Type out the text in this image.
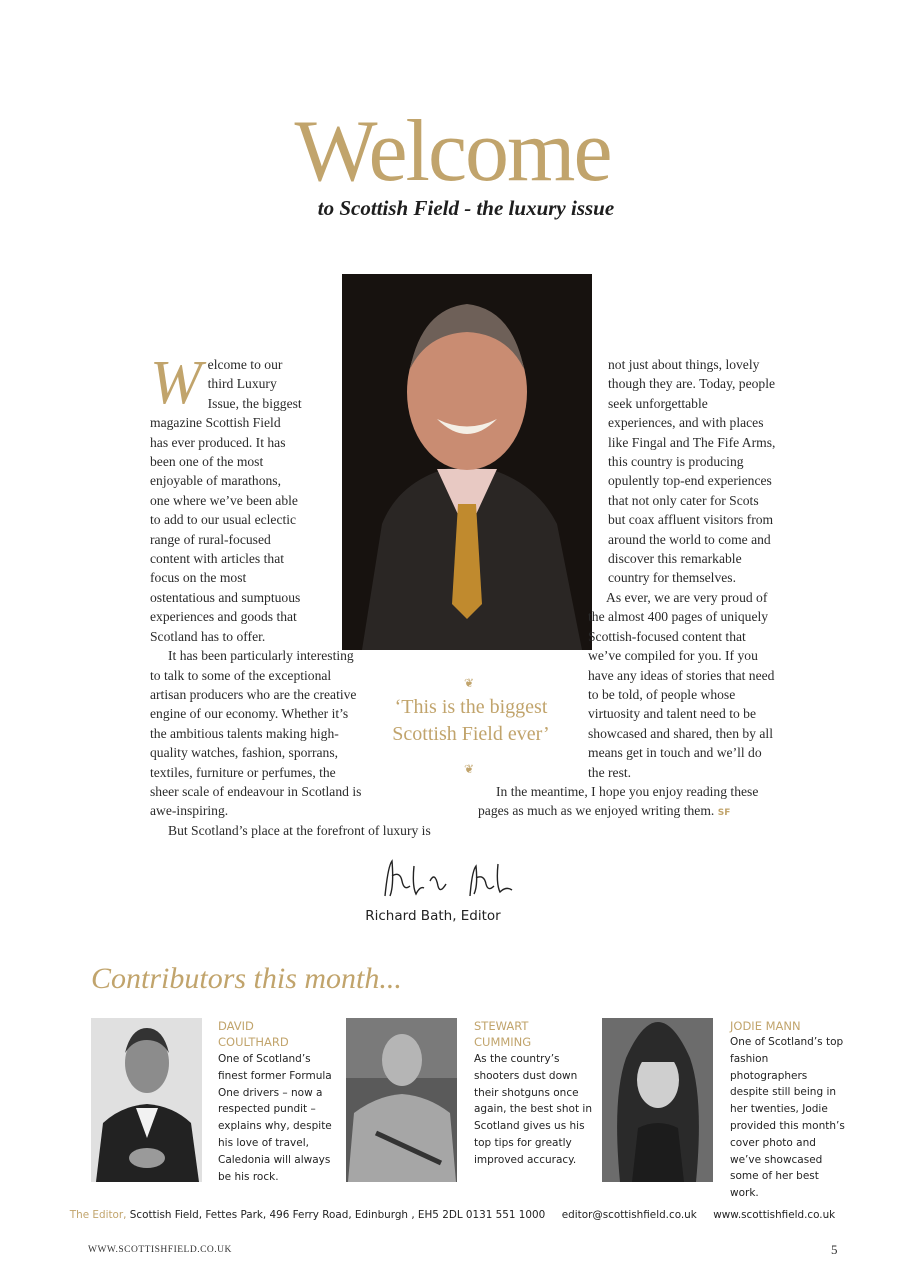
Welcome
to Scottish Field - the luxury issue
W elcome to our third Luxury Issue, the biggest magazine Scottish Field has ever produced. It has been one of the most enjoyable of marathons, one where we’ve been able to add to our usual eclectic range of rural-focused content with articles that focus on the most ostentatious and sumptuous experiences and goods that Scotland has to offer.

It has been particularly interesting to talk to some of the exceptional artisan producers who are the creative engine of our economy. Whether it’s the ambitious talents making high-quality watches, fashion, sporrans, textiles, furniture or perfumes, the sheer scale of endeavour in Scotland is awe-inspiring.

But Scotland’s place at the forefront of luxury is

not just about things, lovely though they are. Today, people seek unforgettable experiences, and with places like Fingal and The Fife Arms, this country is producing opulently top-end experiences that not only cater for Scots but coax affluent visitors from around the world to come and discover this remarkable country for themselves.

As ever, we are very proud of the almost 400 pages of uniquely Scottish-focused content that we’ve compiled for you. If you have any ideas of stories that need to be told, of people whose virtuosity and talent need to be showcased and shared, then by all means get in touch and we’ll do the rest.

In the meantime, I hope you enjoy reading these pages as much as we enjoyed writing them. SF

❦
‘This is the biggest
Scottish Field ever’
❦
Richard Bath, Editor
Contributors this month...
DAVID
COULTHARD
One of Scotland’s finest former Formula One drivers – now a respected pundit – explains why, despite his love of travel, Caledonia will always be his rock.
STEWART
CUMMING
As the country’s shooters dust down their shotguns once again, the best shot in Scotland gives us his top tips for greatly improved accuracy.
JODIE MANN
One of Scotland’s top fashion photographers despite still being in her twenties, Jodie provided this month’s cover photo and we’ve showcased some of her best work.
The Editor, Scottish Field, Fettes Park, 496 Ferry Road, Edinburgh , EH5 2DL 0131 551 1000 editor@scottishfield.co.uk www.scottishfield.co.uk
WWW.SCOTTISHFIELD.CO.UK	5
